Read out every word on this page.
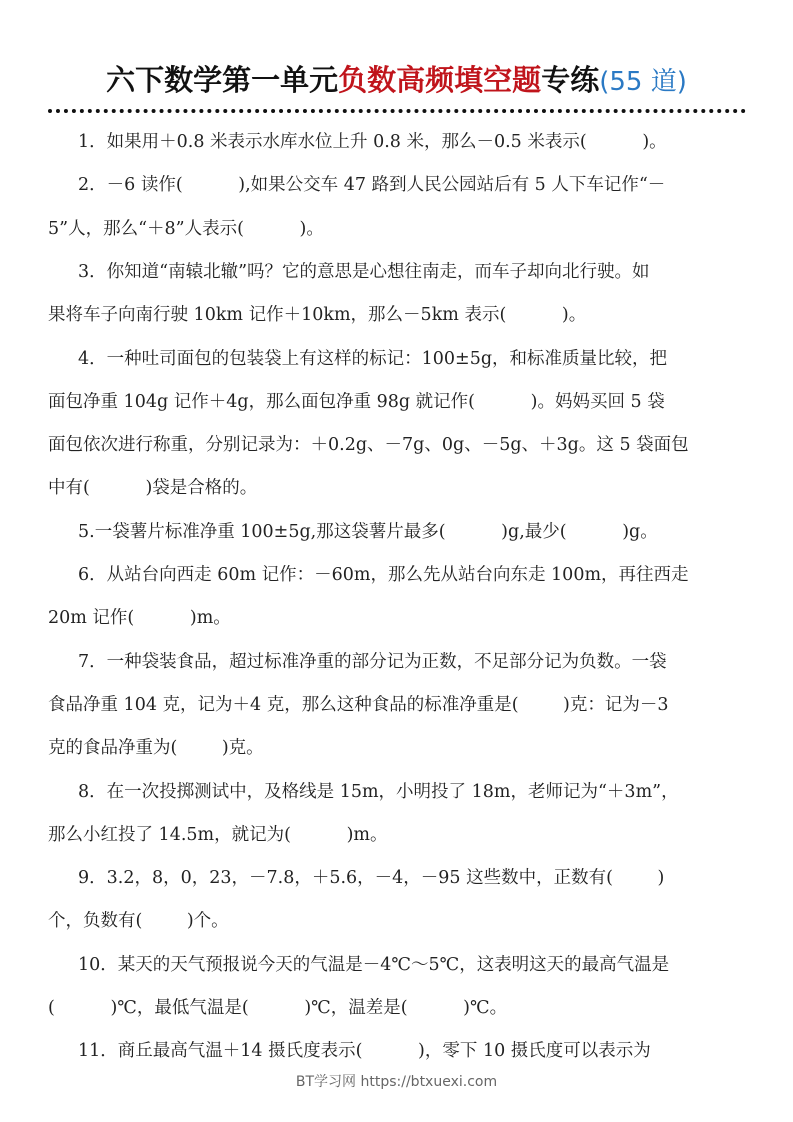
六下数学第一单元负数高频填空题专练(55 道)
1．如果用＋0.8 米表示水库水位上升 0.8 米，那么－0.5 米表示(          )。
2．－6 读作(          ),如果公交车 47 路到人民公园站后有 5 人下车记作“－
5”人，那么“＋8”人表示(          )。
3．你知道“南辕北辙”吗？它的意思是心想往南走，而车子却向北行驶。如
果将车子向南行驶 10km 记作＋10km，那么－5km 表示(          )。
4．一种吐司面包的包装袋上有这样的标记：100±5g，和标准质量比较，把
面包净重 104g 记作＋4g，那么面包净重 98g 就记作(          )。妈妈买回 5 袋
面包依次进行称重，分别记录为：＋0.2g、－7g、0g、－5g、＋3g。这 5 袋面包
中有(          )袋是合格的。
5.一袋薯片标准净重 100±5g,那这袋薯片最多(          )g,最少(          )g。
6．从站台向西走 60m 记作：－60m，那么先从站台向东走 100m，再往西走
20m 记作(          )m。
7．一种袋装食品，超过标准净重的部分记为正数，不足部分记为负数。一袋
食品净重 104 克，记为＋4 克，那么这种食品的标准净重是(        )克：记为－3
克的食品净重为(        )克。
8．在一次投掷测试中，及格线是 15m，小明投了 18m，老师记为“＋3m”，
那么小红投了 14.5m，就记为(          )m。
9．3.2，8，0，23，－7.8，＋5.6，－4，－95 这些数中，正数有(        )
个，负数有(        )个。
10．某天的天气预报说今天的气温是－4℃～5℃，这表明这天的最高气温是
(          )℃，最低气温是(          )℃，温差是(          )℃。
11．商丘最高气温＋14 摄氏度表示(          )，零下 10 摄氏度可以表示为
BT学习网 https://btxuexi.com
